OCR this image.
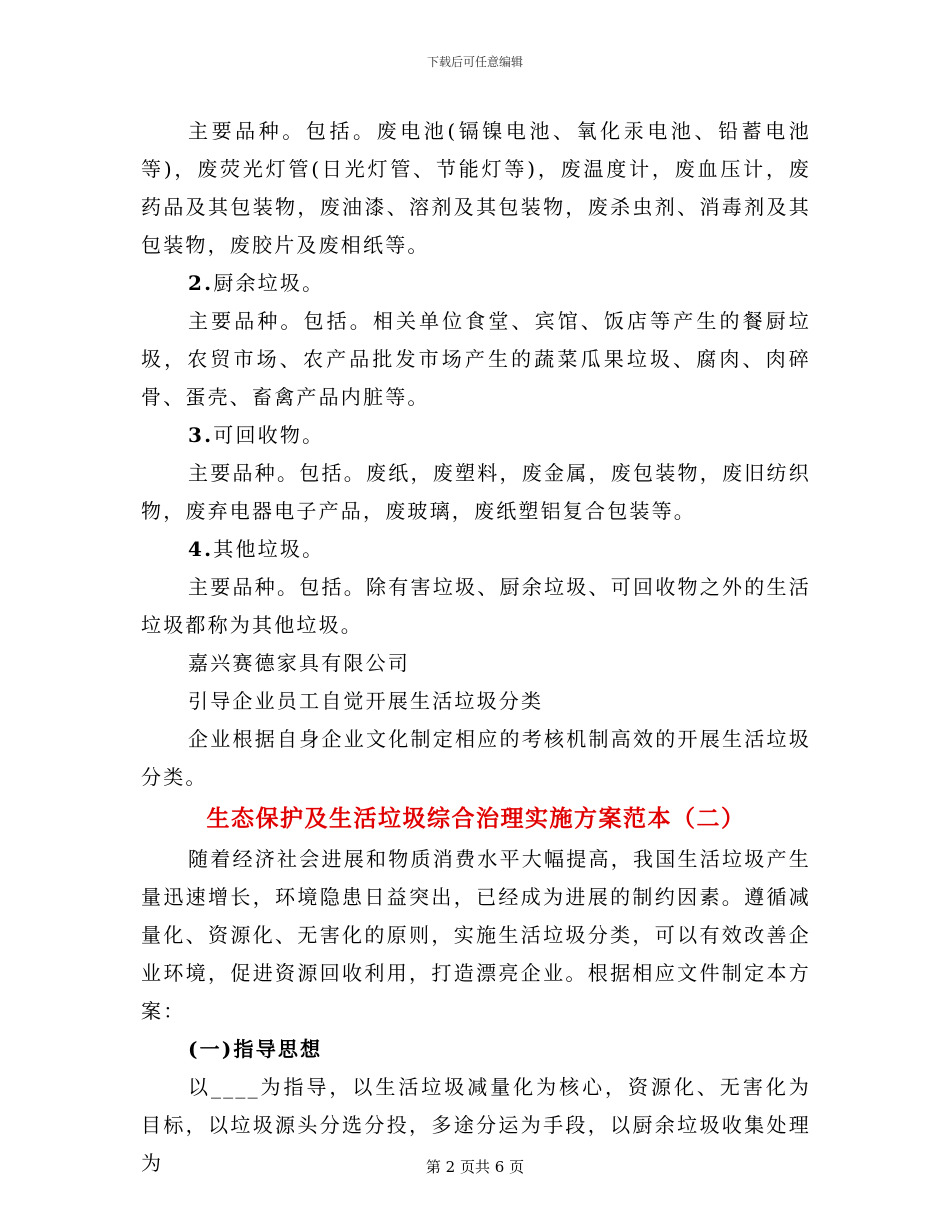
下载后可任意编辑

主要品种。包括。废电池(镉镍电池、氧化汞电池、铅蓄电池等)，废荧光灯管(日光灯管、节能灯等)，废温度计，废血压计，废药品及其包装物，废油漆、溶剂及其包装物，废杀虫剂、消毒剂及其包装物，废胶片及废相纸等。

2.厨余垃圾。

主要品种。包括。相关单位食堂、宾馆、饭店等产生的餐厨垃圾，农贸市场、农产品批发市场产生的蔬菜瓜果垃圾、腐肉、肉碎骨、蛋壳、畜禽产品内脏等。

3.可回收物。

主要品种。包括。废纸，废塑料，废金属，废包装物，废旧纺织物，废弃电器电子产品，废玻璃，废纸塑铝复合包装等。

4.其他垃圾。

主要品种。包括。除有害垃圾、厨余垃圾、可回收物之外的生活垃圾都称为其他垃圾。

嘉兴赛德家具有限公司

引导企业员工自觉开展生活垃圾分类

企业根据自身企业文化制定相应的考核机制高效的开展生活垃圾分类。

生态保护及生活垃圾综合治理实施方案范本（二）

随着经济社会进展和物质消费水平大幅提高，我国生活垃圾产生量迅速增长，环境隐患日益突出，已经成为进展的制约因素。遵循减量化、资源化、无害化的原则，实施生活垃圾分类，可以有效改善企业环境，促进资源回收利用，打造漂亮企业。根据相应文件制定本方案：

(一)指导思想

以____为指导，以生活垃圾减量化为核心，资源化、无害化为目标，以垃圾源头分选分投，多途分运为手段，以厨余垃圾收集处理为	第 2 页共 6 页
